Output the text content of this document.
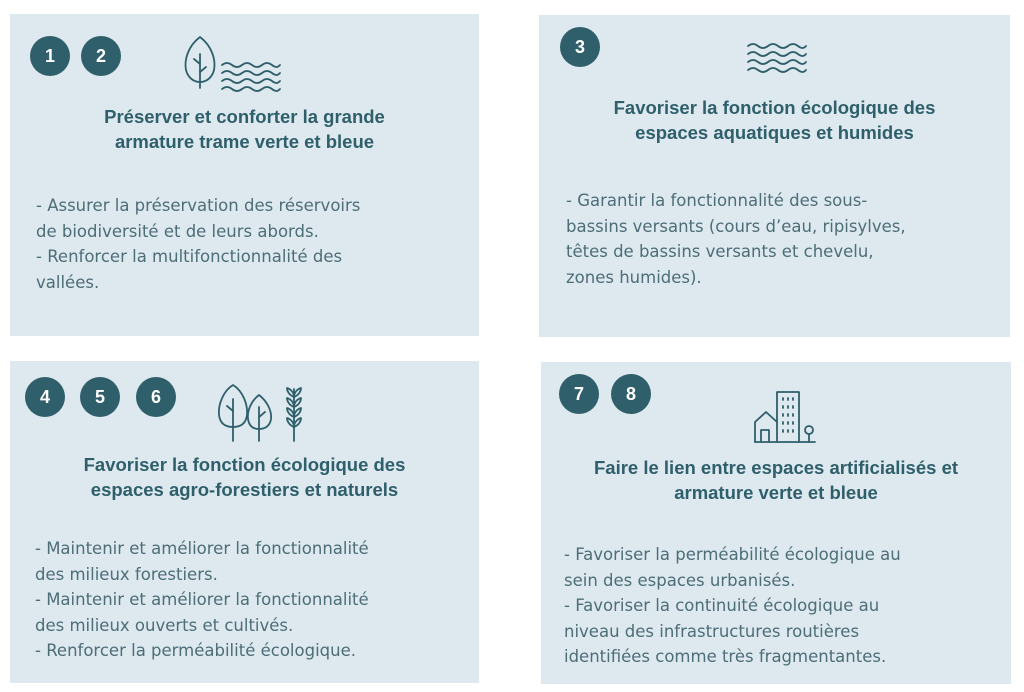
1	2
Préserver et conforter la grande
armature trame verte et bleue

- Assurer la préservation des réservoirs
de biodiversité et de leurs abords.
- Renforcer la multifonctionnalité des
vallées.

3
Favoriser la fonction écologique des
espaces aquatiques et humides

- Garantir la fonctionnalité des sous-
bassins versants (cours d’eau, ripisylves,
têtes de bassins versants et chevelu,
zones humides).

4	5	6
Favoriser la fonction écologique des
espaces agro-forestiers et naturels

- Maintenir et améliorer la fonctionnalité
des milieux forestiers.
- Maintenir et améliorer la fonctionnalité
des milieux ouverts et cultivés.
- Renforcer la perméabilité écologique.

7	8
Faire le lien entre espaces artificialisés et
armature verte et bleue

- Favoriser la perméabilité écologique au
sein des espaces urbanisés.
- Favoriser la continuité écologique au
niveau des infrastructures routières
identifiées comme très fragmentantes.
